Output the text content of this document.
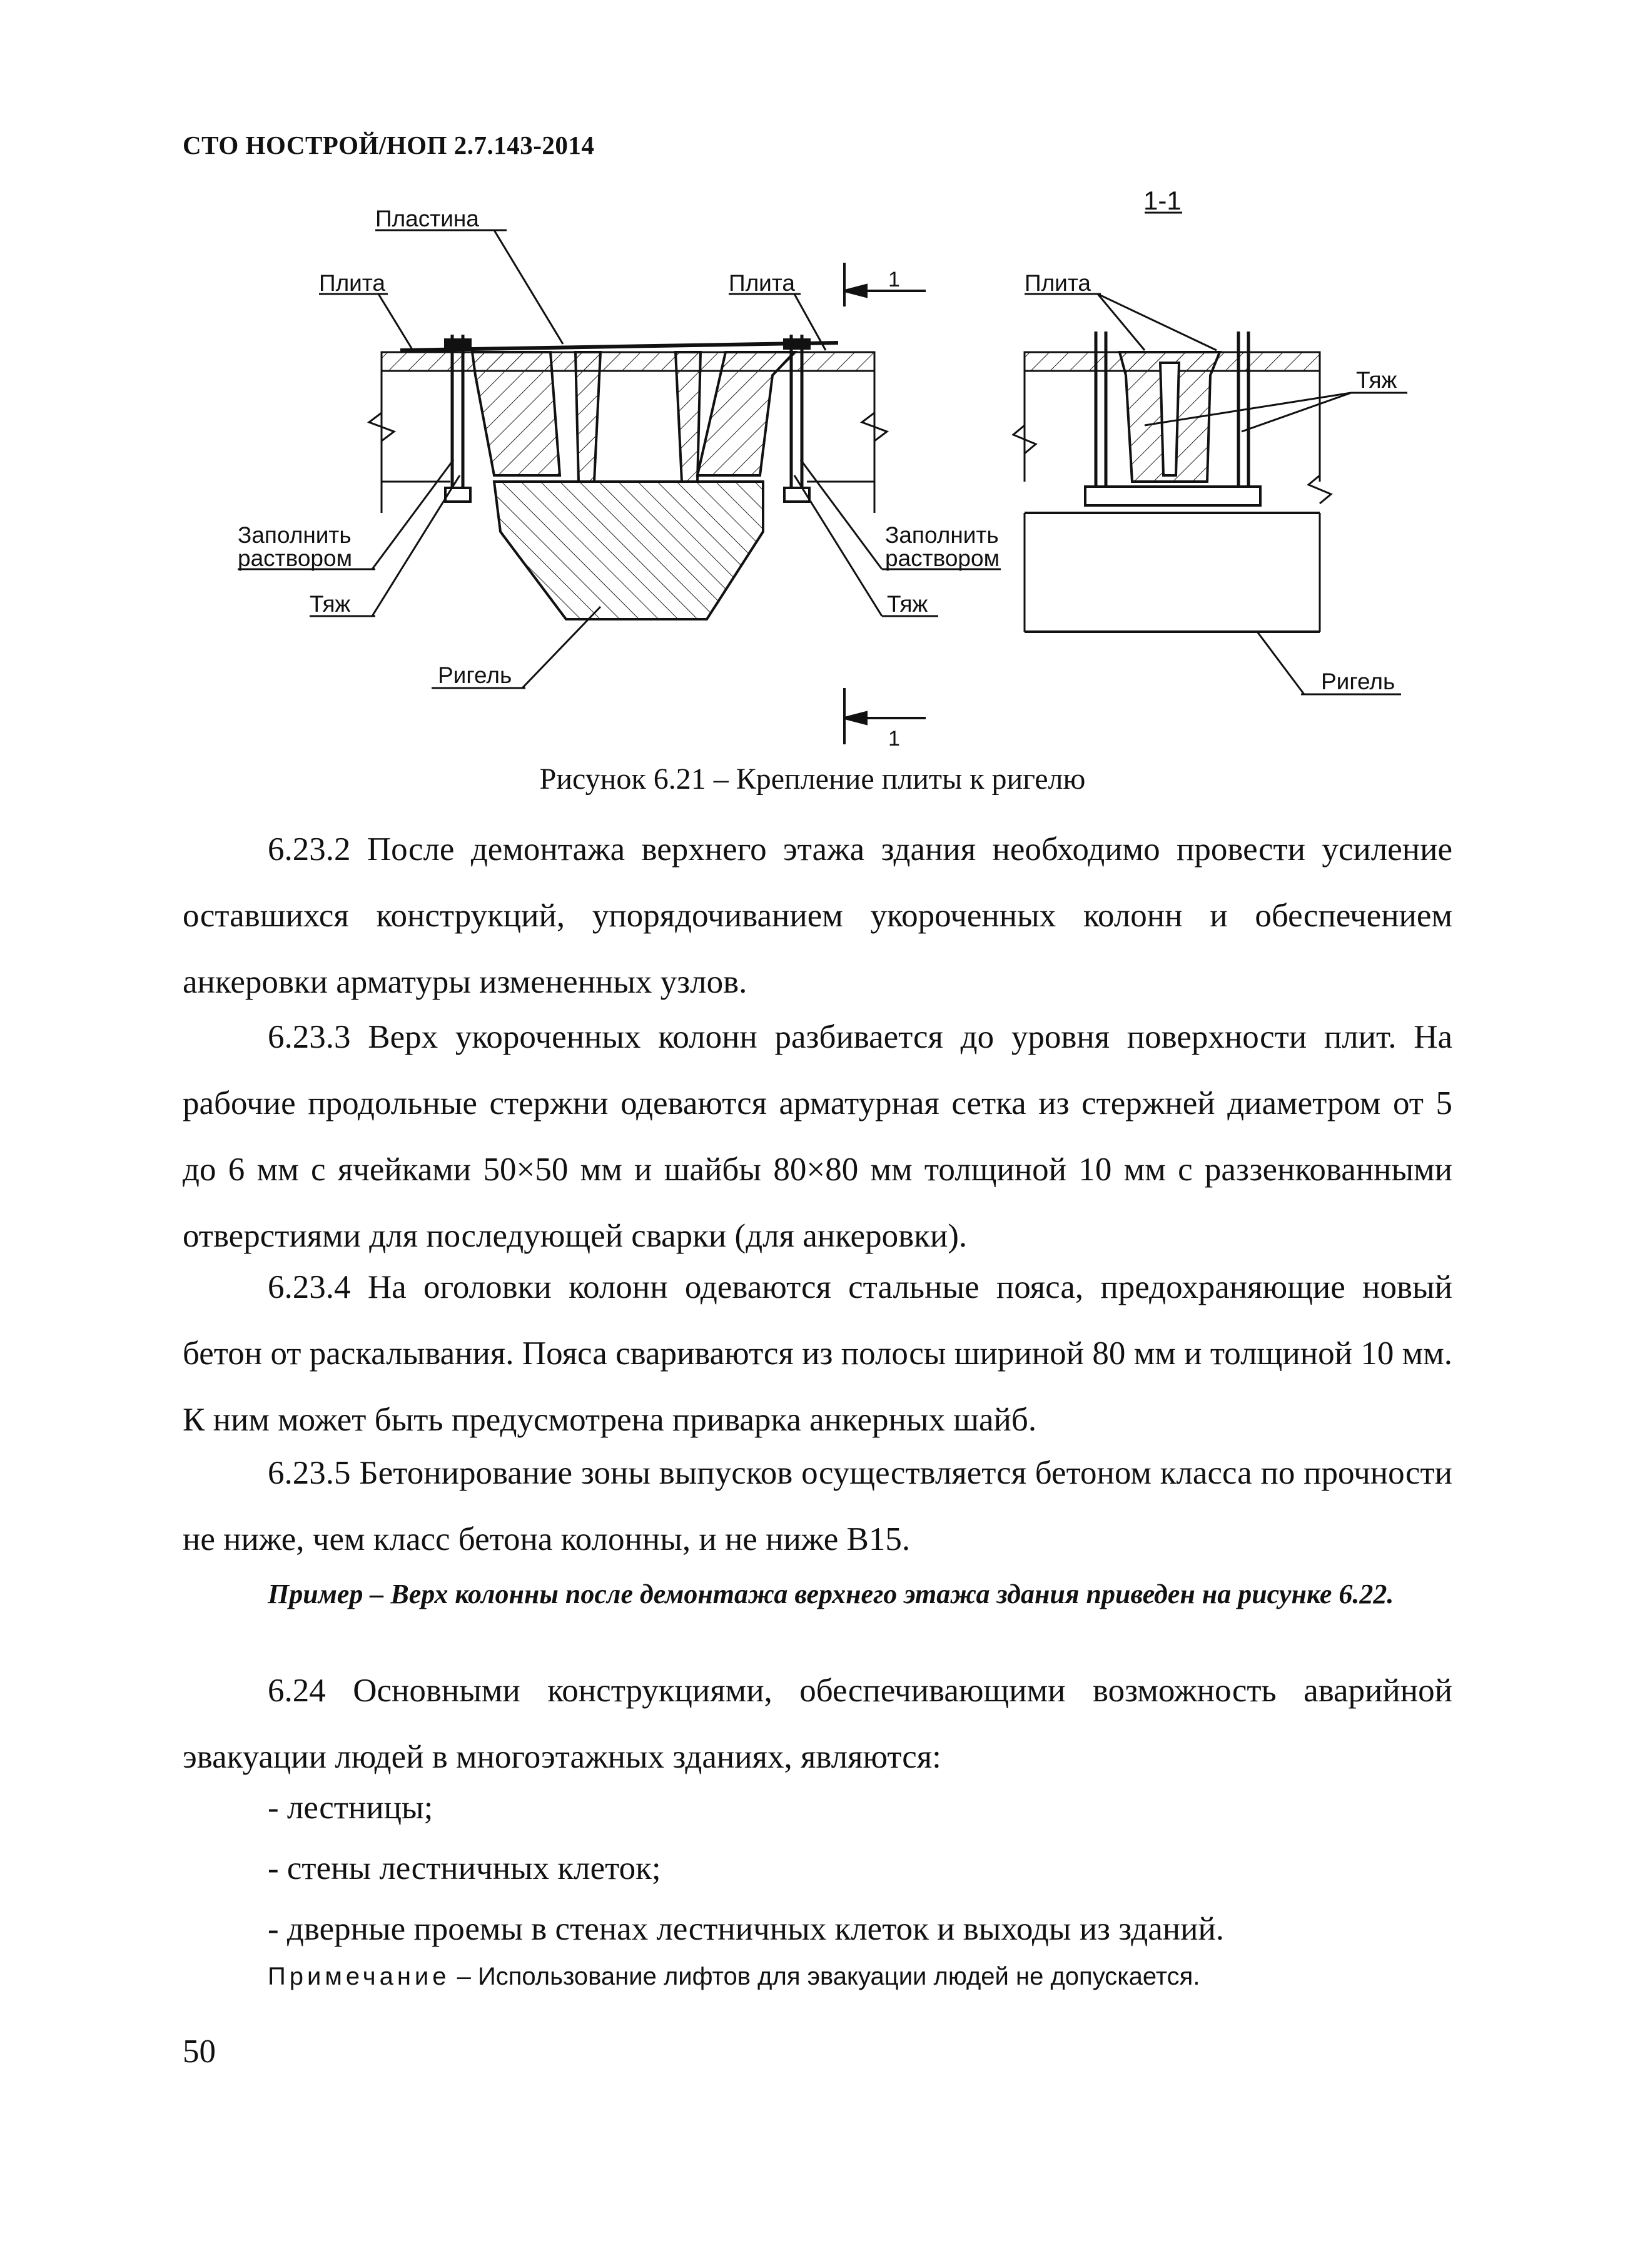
СТО НОСТРОЙ/НОП 2.7.143-2014
Пластина
Плита	Плита	1
1
Заполнить
раствором
Тяж
Заполнить
раствором
Тяж
Ригель
1-1
Плита
Тяж
Ригель
Рисунок 6.21 – Крепление плиты к ригелю

6.23.2 После демонтажа верхнего этажа здания необходимо провести усиление оставшихся конструкций, упорядочиванием укороченных колонн и обеспечением анкеровки арматуры измененных узлов.

6.23.3 Верх укороченных колонн разбивается до уровня поверхности плит. На рабочие продольные стержни одеваются арматурная сетка из стержней диаметром от 5 до 6 мм с ячейками 50×50 мм и шайбы 80×80 мм толщиной 10 мм с раззенкованными отверстиями для последующей сварки (для анкеровки).

6.23.4 На оголовки колонн одеваются стальные пояса, предохраняющие новый бетон от раскалывания. Пояса свариваются из полосы шириной 80 мм и толщиной 10 мм. К ним может быть предусмотрена приварка анкерных шайб.

6.23.5 Бетонирование зоны выпусков осуществляется бетоном класса по прочности не ниже, чем класс бетона колонны, и не ниже В15.

Пример – Верх колонны после демонтажа верхнего этажа здания приведен на рисунке 6.22.

6.24 Основными конструкциями, обеспечивающими возможность аварийной эвакуации людей в многоэтажных зданиях, являются:

- лестницы;

- стены лестничных клеток;

- дверные проемы в стенах лестничных клеток и выходы из зданий.

Примечание – Использование лифтов для эвакуации людей не допускается.

50
